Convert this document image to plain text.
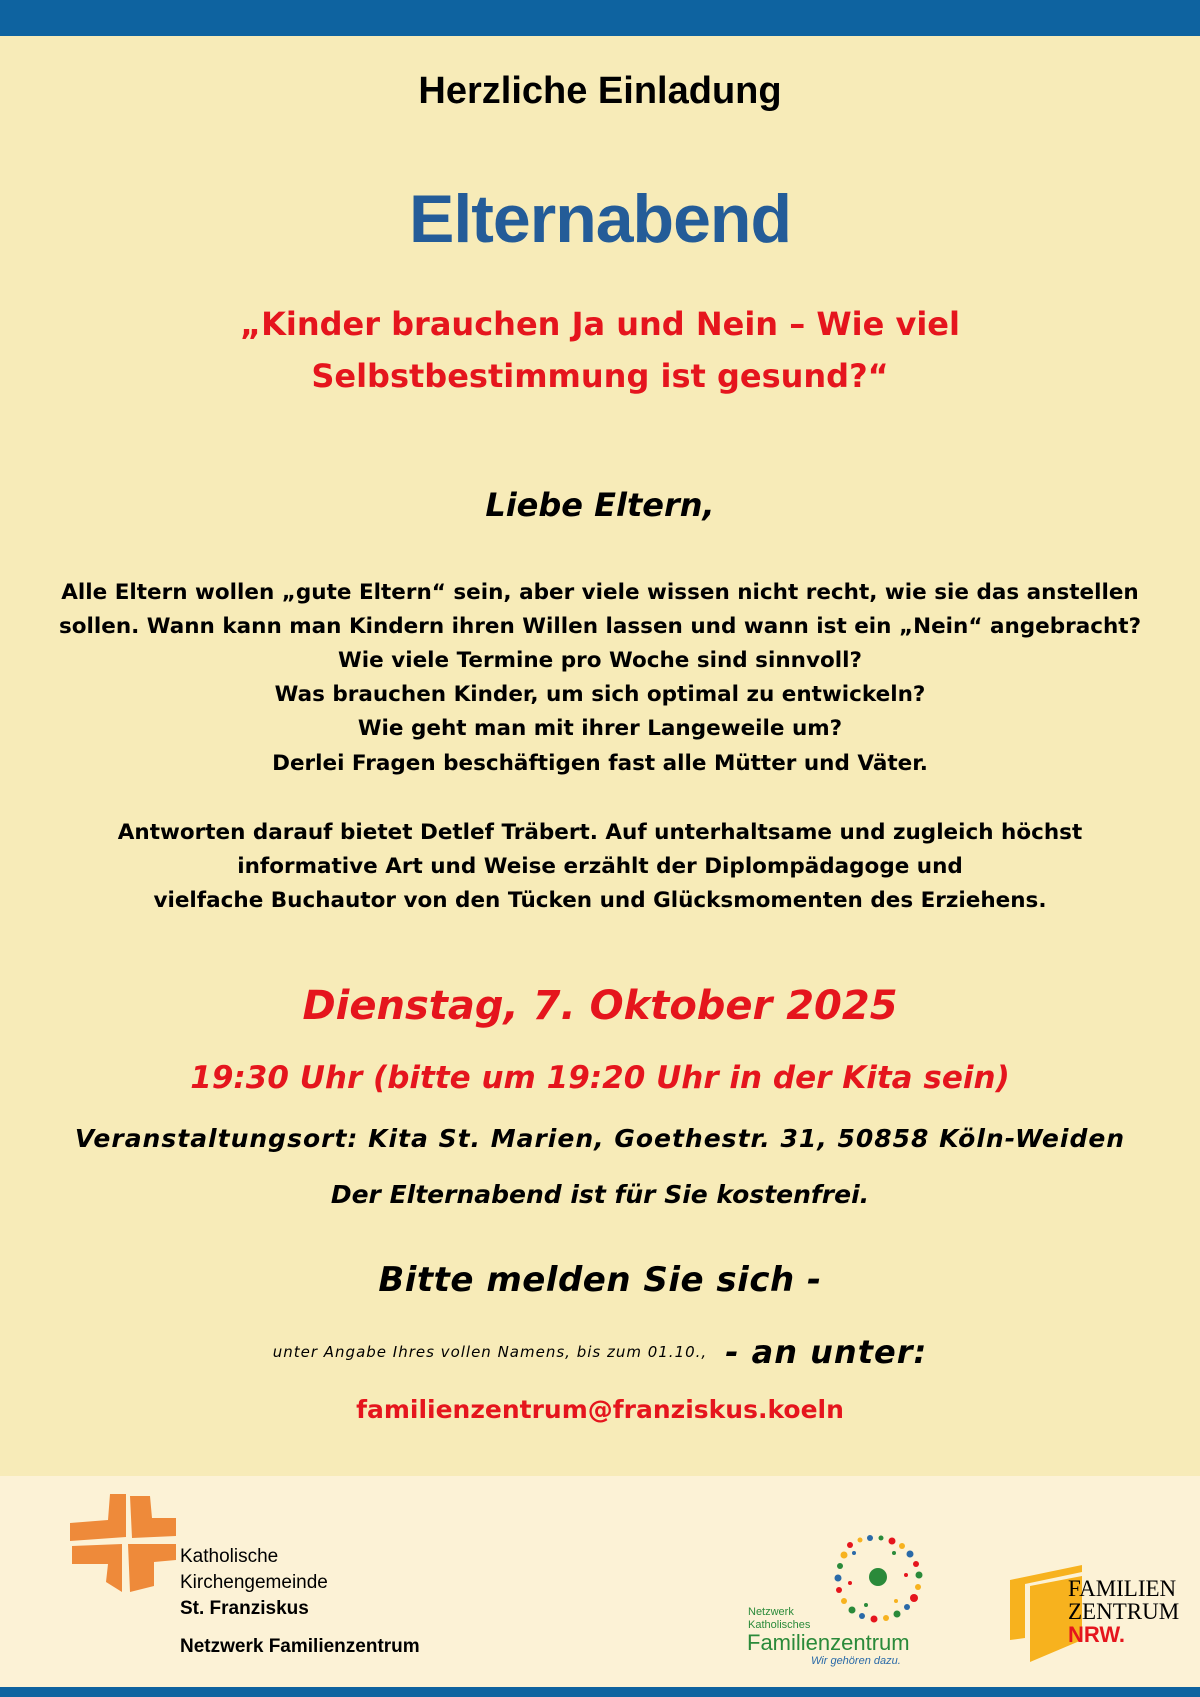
Herzliche Einladung

Elternabend

„Kinder brauchen Ja und Nein – Wie viel

Selbstbestimmung ist gesund?“

Liebe Eltern,

Alle Eltern wollen „gute Eltern“ sein, aber viele wissen nicht recht, wie sie das anstellen

sollen. Wann kann man Kindern ihren Willen lassen und wann ist ein „Nein“ angebracht?

Wie viele Termine pro Woche sind sinnvoll?

Was brauchen Kinder, um sich optimal zu entwickeln?

Wie geht man mit ihrer Langeweile um?

Derlei Fragen beschäftigen fast alle Mütter und Väter.

Antworten darauf bietet Detlef Träbert. Auf unterhaltsame und zugleich höchst

informative Art und Weise erzählt der Diplompädagoge und

vielfache Buchautor von den Tücken und Glücksmomenten des Erziehens.

Dienstag, 7. Oktober 2025

19:30 Uhr (bitte um 19:20 Uhr in der Kita sein)

Veranstaltungsort: Kita St. Marien, Goethestr. 31, 50858 Köln-Weiden

Der Elternabend ist für Sie kostenfrei.

Bitte melden Sie sich -

unter Angabe Ihres vollen Namens, bis zum 01.10., - an unter:

familienzentrum@franziskus.koeln

Katholische
Kirchengemeinde
St. Franziskus
Netzwerk Familienzentrum
Netzwerk
Katholisches
Familienzentrum
Wir gehören dazu.
FAMILIEN
ZENTRUM
NRW.
